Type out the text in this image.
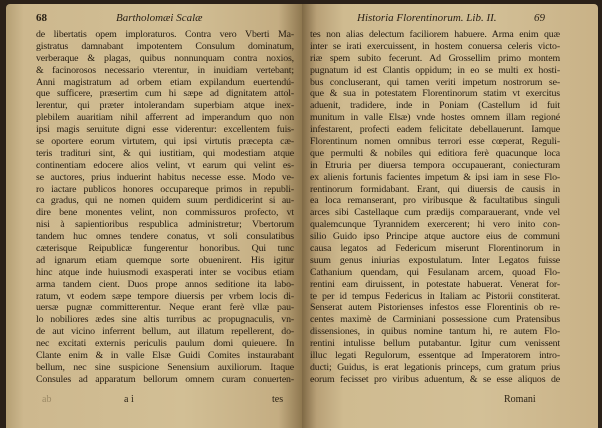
68	Bartholomæi Scalæ
de libertatis opem imploraturos. Contra vero Vberti Ma-
gistratus damnabant impotentem Consulum dominatum,
verberaque & plagas, quibus nonnunquam contra noxios,
& facinorosos necessario vterentur, in inuidiam vertebant;
Anni magistratum ad orbem etiam expilandum euertendú-
que sufficere, præsertim cum hi sæpe ad dignitatem attol-
lerentur, qui præter intolerandam superbiam atque inex-
plebilem auaritiam nihil afferrent ad imperandum quo non
ipsi magis seruitute digni esse viderentur: excellentem fuis-
se oportere eorum virtutem, qui ipsi virtutis præcepta cæ-
teris tradituri sint, & qui iustitiam, qui modestiam atque
continentiam edocere alios velint, vt earum qui velint es-
se auctores, prius induerint habitus necesse esse. Modo ve-
ro iactare publicos honores occupareque primos in republi-
ca gradus, qui ne nomen quidem suum perdidicerint si au-
dire bene monentes velint, non commissuros profecto, vt
nisi à sapientioribus respublica administretur; Vbertorum
tandem huc omnes tendere conatus, vt soli consulatibus
cæterisque Reipublicæ fungerentur honoribus. Qui tunc
ad ignarum etiam quemque sorte obuenirent. His igitur
hinc atque inde huiusmodi exasperati inter se vocibus etiam
arma tandem cient. Duos prope annos seditione ita labo-
ratum, vt eodem sæpe tempore diuersis per vrbem locis di-
uersæ pugnæ committerentur. Neque erant ferè vllæ pau-
lo nobiliores ædes sine altis turribus ac propugnaculis, vn-
de aut vicino inferrent bellum, aut illatum repellerent, do-
nec excitati externis periculis paulum domi quieuere. In
Clante enim & in valle Elsæ Guidi Comites instaurabant
bellum, nec sine suspicione Senensium auxiliorum. Itaque
Consules ad apparatum bellorum omnem curam conuerten-
ab	a i	tes
Historia Florentinorum. Lib. II.	69
tes non alias delectum faciliorem habuere. Arma enim quæ
inter se irati exercuissent, in hostem conuersa celeris victo-
riæ spem subito fecerunt. Ad Grossellim primo montem
pugnatum id est Clantis oppidum; in eo se multi ex hosti-
bus concluserant, qui tamen veriti impetum nostrorum se-
que & sua in potestatem Florentinorum statim vt exercitus
aduenit, tradidere, inde in Poniam (Castellum id fuit
munitum in valle Elsæ) vnde hostes omnem illam regioné
infestarent, profecti eadem felicitate debellauerunt. Iamque
Florentinum nomen omnibus terrori esse cœperat, Reguli-
que permulti & nobiles qui editiora ferè quacunque loca
in Etruria per diuersa tempora occupauerant, coniecturam
ex alienis fortunis facientes impetum & ipsi iam in sese Flo-
rentinorum formidabant. Erant, qui diuersis de causis in
ea loca remanserant, pro viribusque & facultatibus singuli
arces sibi Castellaque cum prædijs comparauerant, vnde vel
qualemcunque Tyrannidem exercerent; hi vero inito con-
silio Guido ipso Principe atque auctore eius de communi
causa legatos ad Federicum miserunt Florentinorum in
suum genus iniurias expostulatum. Inter Legatos fuisse
Cathanium quendam, qui Fesulanam arcem, quoad Flo-
rentini eam diruissent, in potestate habuerat. Venerat for-
te per id tempus Federicus in Italiam ac Pistorii constiterat.
Senserat autem Pistorienses infestos esse Florentinis ob re-
centes maximè de Carminiani possessione cum Pratensibus
dissensiones, in quibus nomine tantum hi, re autem Flo-
rentini intulisse bellum putabantur. Igitur cum venissent
illuc legati Regulorum, essentque ad Imperatorem intro-
ducti; Guidus, is erat legationis princeps, cum gratum prius
eorum fecisset pro viribus aduentum, & se esse aliquos de
Romani
